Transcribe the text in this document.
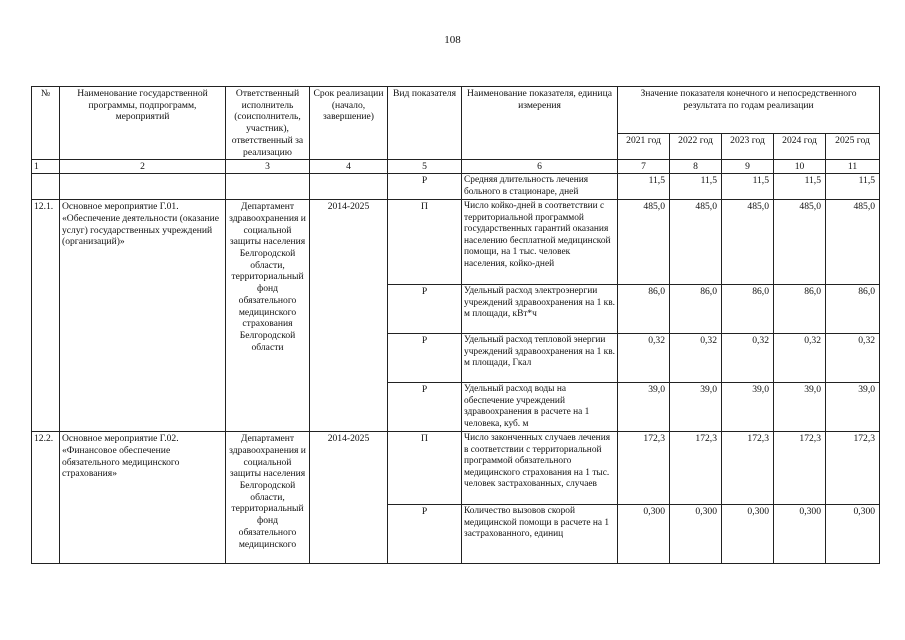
108
№	Наименование государственной программы, подпрограмм, мероприятий	Ответственный исполнитель (соисполнитель, участник), ответственный за реализацию	Срок реализации (начало, завершение)	Вид показателя	Наименование показателя, единица измерения	Значение показателя конечного и непосредственного результата по годам реализации				
						2021 год	2022 год	2023 год	2024 год	2025 год
1	2	3	4	5	6	7	8	9	10	11
				Р	Средняя длительность лечения больного в стационаре, дней	11,5	11,5	11,5	11,5	11,5
12.1.	Основное мероприятие Г.01. «Обеспечение деятельности (оказание услуг) государственных учреждений (организаций)»	Департамент здравоохранения и социальной защиты населения Белгородской области, территориальный фонд обязательного медицинского страхования Белгородской области	2014-2025	П	Число койко-дней в соответствии с территориальной программой государственных гарантий оказания населению бесплатной медицинской помощи, на 1 тыс. человек населения, койко-дней	485,0	485,0	485,0	485,0	485,0
				Р	Удельный расход электроэнергии учреждений здравоохранения на 1 кв. м площади, кВт*ч	86,0	86,0	86,0	86,0	86,0
				Р	Удельный расход тепловой энергии учреждений здравоохранения на 1 кв. м площади, Гкал	0,32	0,32	0,32	0,32	0,32
				Р	Удельный расход воды на обеспечение учреждений здравоохранения в расчете на 1 человека, куб. м	39,0	39,0	39,0	39,0	39,0
12.2.	Основное мероприятие Г.02. «Финансовое обеспечение обязательного медицинского страхования»	Департамент здравоохранения и социальной защиты населения Белгородской области, территориальный фонд обязательного медицинского	2014-2025	П	Число законченных случаев лечения в соответствии с территориальной программой обязательного медицинского страхования на 1 тыс. человек застрахованных, случаев	172,3	172,3	172,3	172,3	172,3
				Р	Количество вызовов скорой медицинской помощи в расчете на 1 застрахованного, единиц	0,300	0,300	0,300	0,300	0,300
